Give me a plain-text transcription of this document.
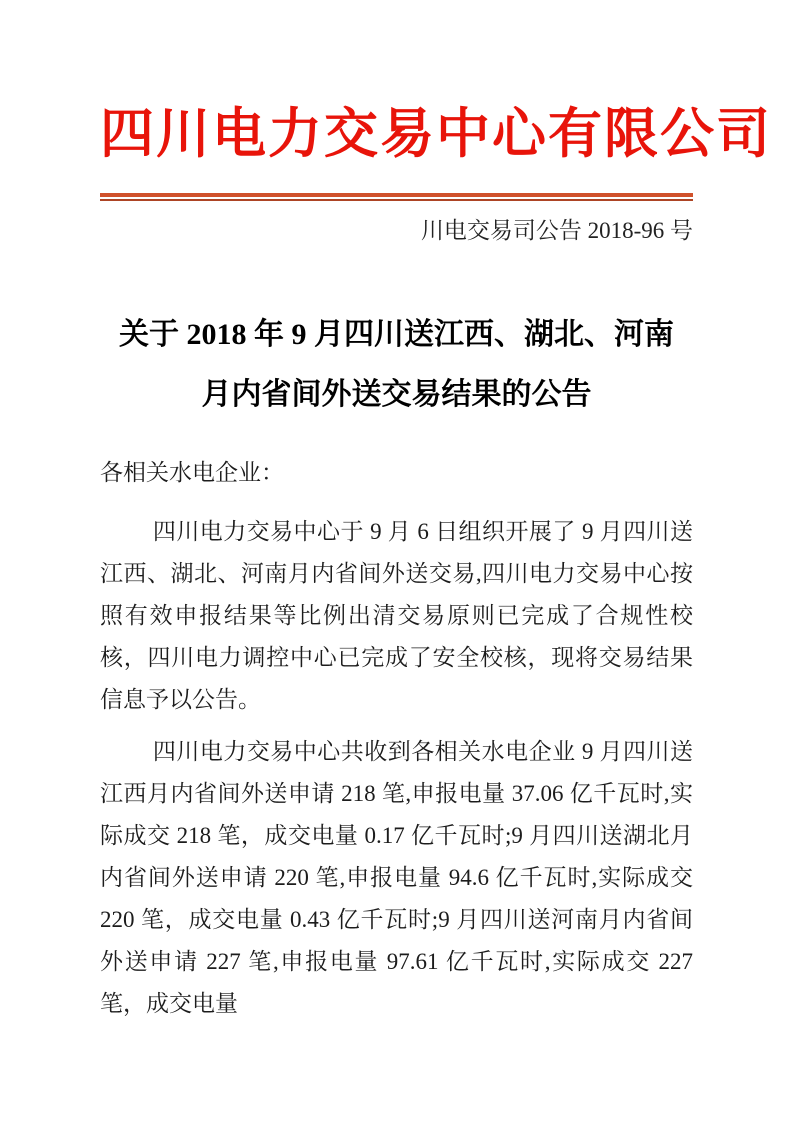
四川电力交易中心有限公司
川电交易司公告 2018-96 号
关于 2018 年 9 月四川送江西、湖北、河南
月内省间外送交易结果的公告

各相关水电企业：

四川电力交易中心于 9 月 6 日组织开展了 9 月四川送江西、湖北、河南月内省间外送交易,四川电力交易中心按照有效申报结果等比例出清交易原则已完成了合规性校核，四川电力调控中心已完成了安全校核，现将交易结果信息予以公告。

四川电力交易中心共收到各相关水电企业 9 月四川送江西月内省间外送申请 218 笔,申报电量 37.06 亿千瓦时,实际成交 218 笔，成交电量 0.17 亿千瓦时;9 月四川送湖北月内省间外送申请 220 笔,申报电量 94.6 亿千瓦时,实际成交 220 笔，成交电量 0.43 亿千瓦时;9 月四川送河南月内省间外送申请 227 笔,申报电量 97.61 亿千瓦时,实际成交 227 笔，成交电量
